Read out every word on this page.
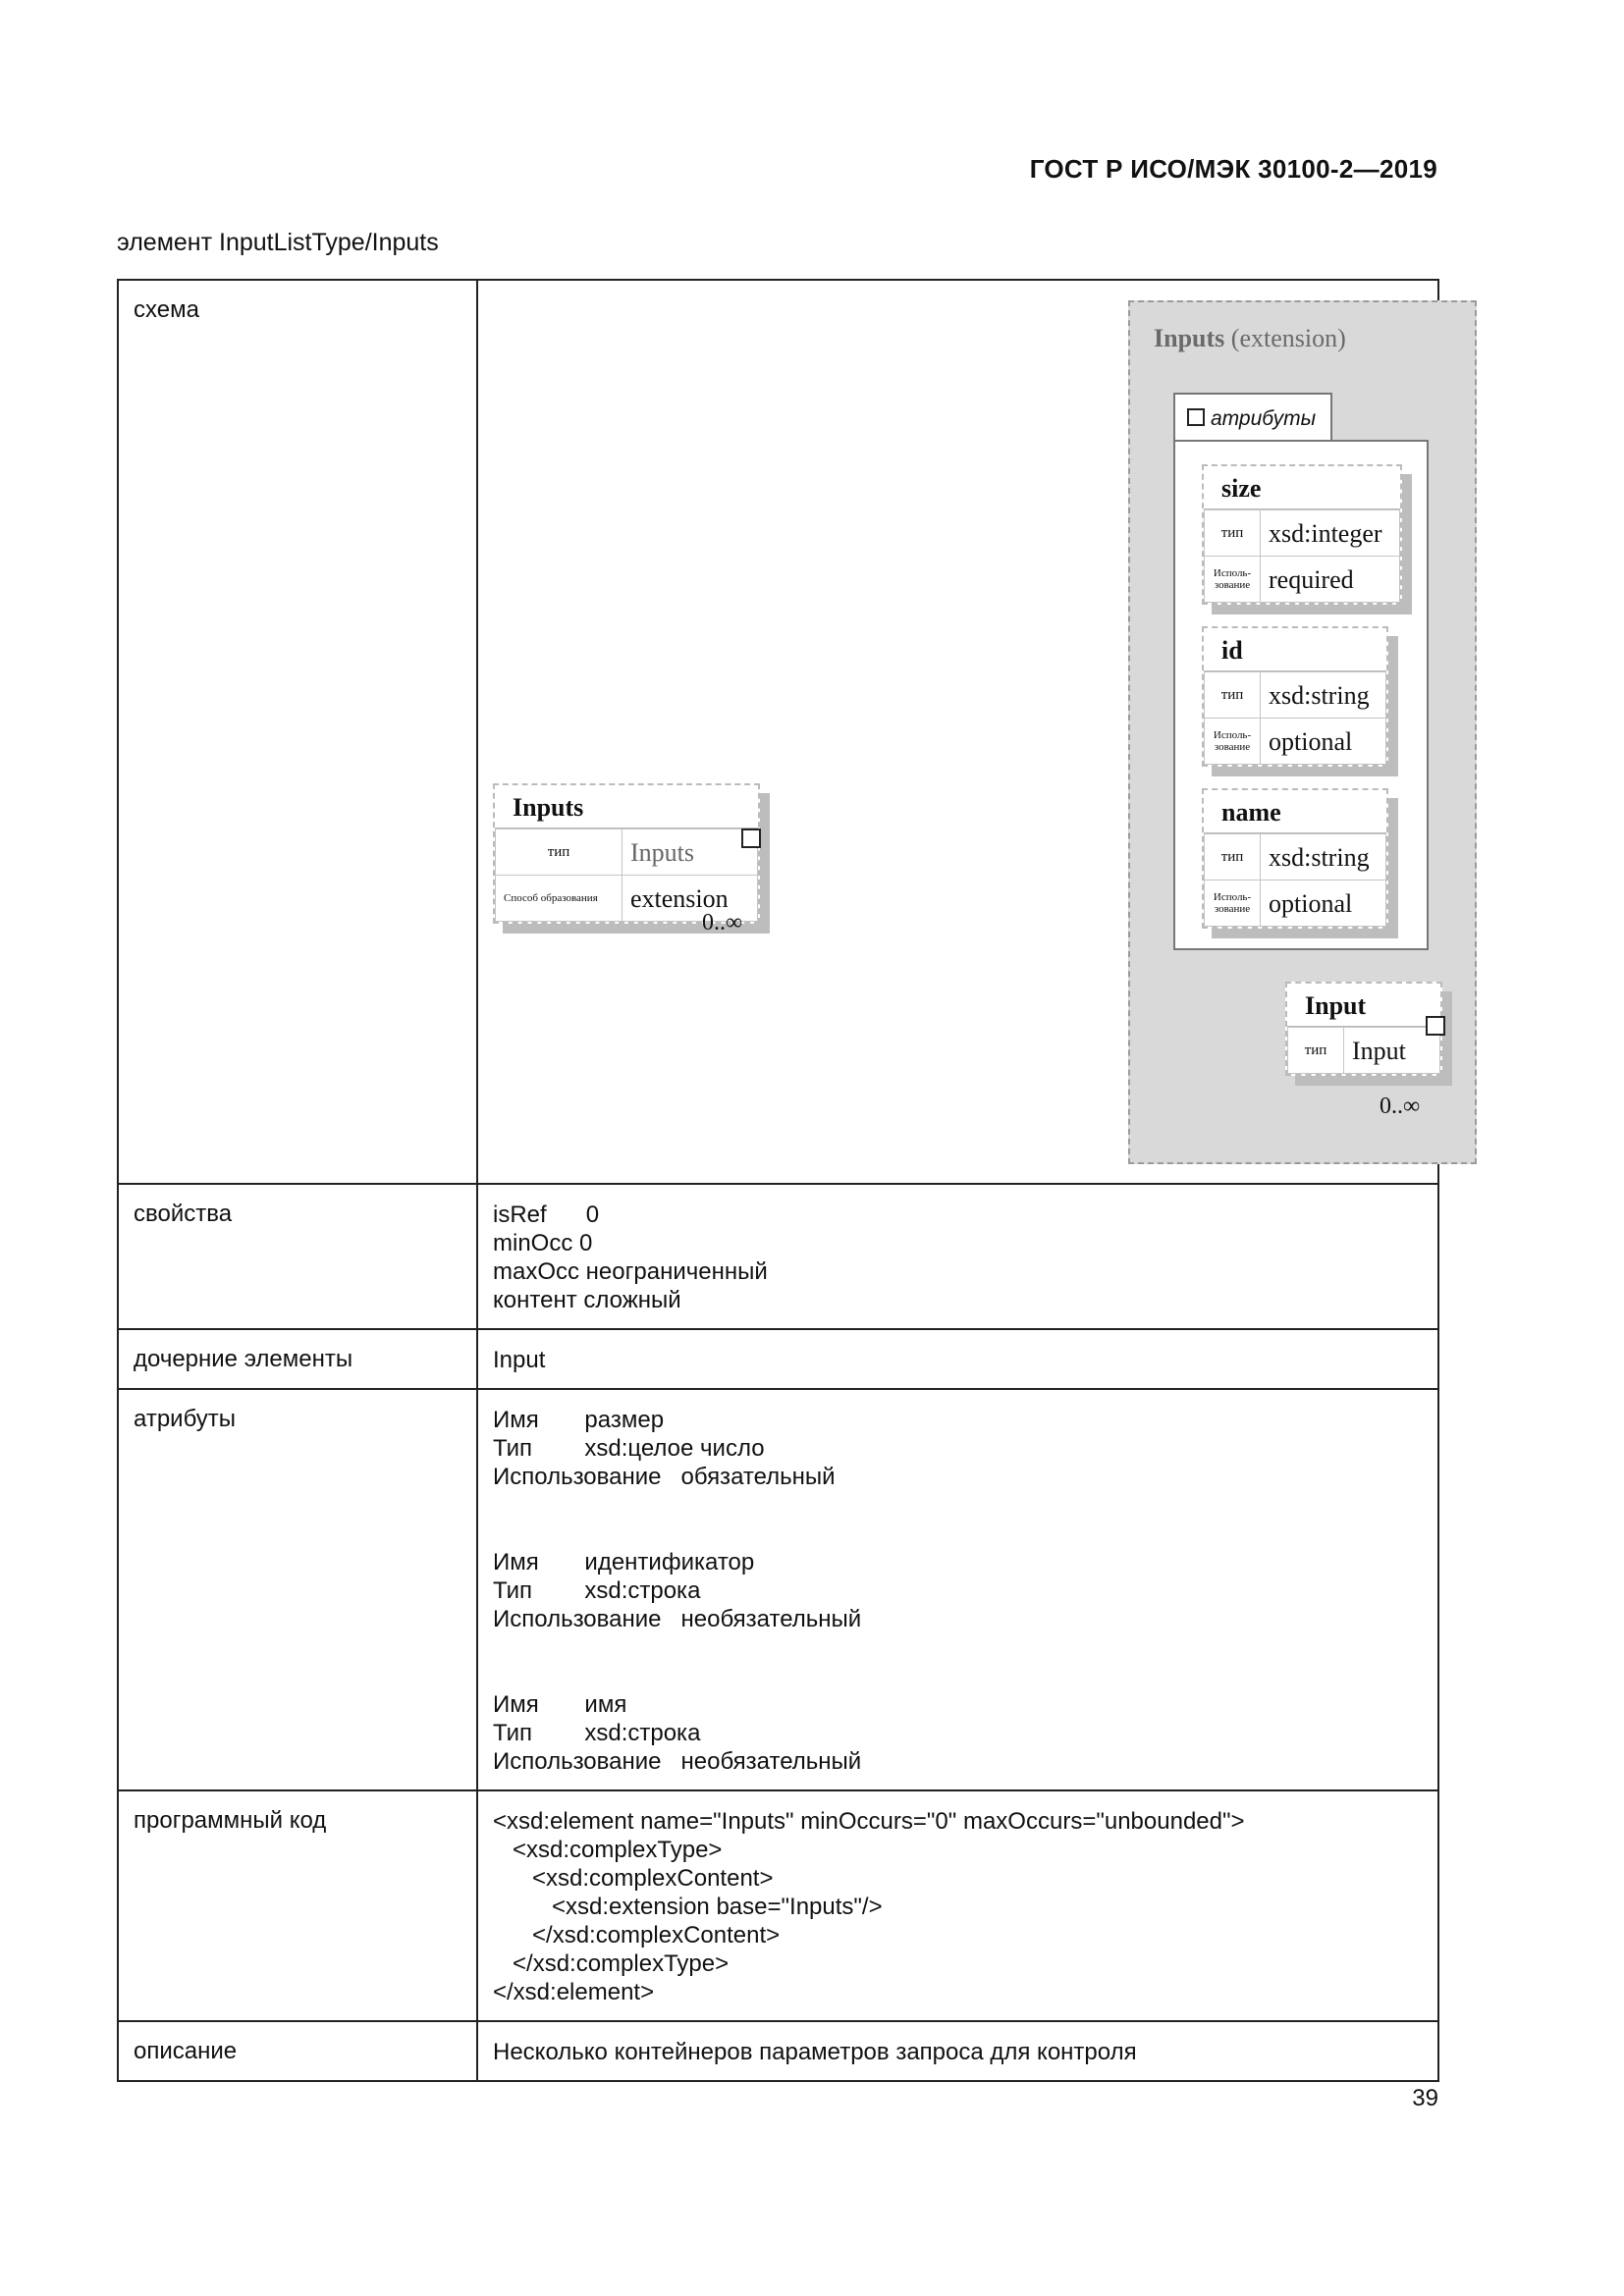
ГОСТ Р ИСО/МЭК 30100-2—2019
элемент InputListType/Inputs
схема	
Inputs (extension)
атрибуты
size
тип	xsd:integer
Исполь-зование	required
id
тип	xsd:string
Исполь-зование	optional
name
тип	xsd:string
Исполь-зование	optional
Input
тип	Input
0..∞
Inputs
тип	Inputs
Способ образования	extension
0..∞

свойства	isRef      0
minOcc 0
maxOcc неограниченный
контент сложный

дочерние элементы	Input
атрибуты	Имя       размер
Тип        xsd:целое число
Использование   обязательный
Имя       идентификатор
Тип        xsd:строка
Использование   необязательный
Имя       имя
Тип        xsd:строка
Использование   необязательный

программный код	<xsd:element name="Inputs" minOccurs="0" maxOccurs="unbounded">
<xsd:complexType>
<xsd:complexContent>
<xsd:extension base="Inputs"/>
</xsd:complexContent>
</xsd:complexType>
</xsd:element>

описание	Несколько контейнеров параметров запроса для контроля
39
